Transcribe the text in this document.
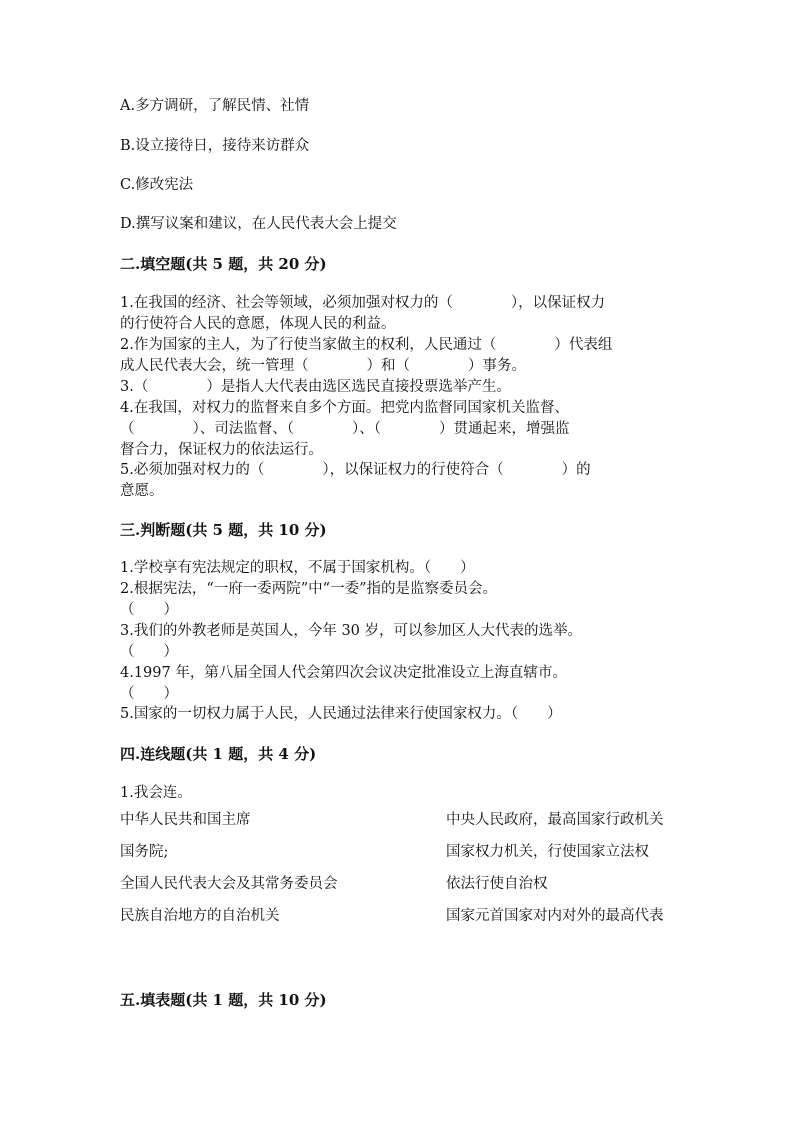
A.多方调研，了解民情、社情
B.设立接待日，接待来访群众
C.修改宪法
D.撰写议案和建议，在人民代表大会上提交
二.填空题(共 5 题，共 20 分)
1.在我国的经济、社会等领域，必须加强对权力的（　　　　），以保证权力
的行使符合人民的意愿，体现人民的利益。
2.作为国家的主人，为了行使当家做主的权利，人民通过（　　　　）代表组
成人民代表大会，统一管理（　　　　）和（　　　　）事务。
3.（　　　　）是指人大代表由选区选民直接投票选举产生。
4.在我国，对权力的监督来自多个方面。把党内监督同国家机关监督、
（　　　　）、司法监督、（　　　　）、（　　　　）贯通起来，增强监
督合力，保证权力的依法运行。
5.必须加强对权力的（　　　　），以保证权力的行使符合（　　　　）的
意愿。
三.判断题(共 5 题，共 10 分)
1.学校享有宪法规定的职权，不属于国家机构。（　　）
2.根据宪法，“一府一委两院”中“一委”指的是监察委员会。
（　　）
3.我们的外教老师是英国人，今年 30 岁，可以参加区人大代表的选举。
（　　）
4.1997 年，第八届全国人代会第四次会议决定批准设立上海直辖市。
（　　）
5.国家的一切权力属于人民，人民通过法律来行使国家权力。（　　）
四.连线题(共 1 题，共 4 分)
1.我会连。
中华人民共和国主席	中央人民政府，最高国家行政机关
国务院;	国家权力机关，行使国家立法权
全国人民代表大会及其常务委员会	依法行使自治权
民族自治地方的自治机关	国家元首国家对内对外的最高代表
五.填表题(共 1 题，共 10 分)
